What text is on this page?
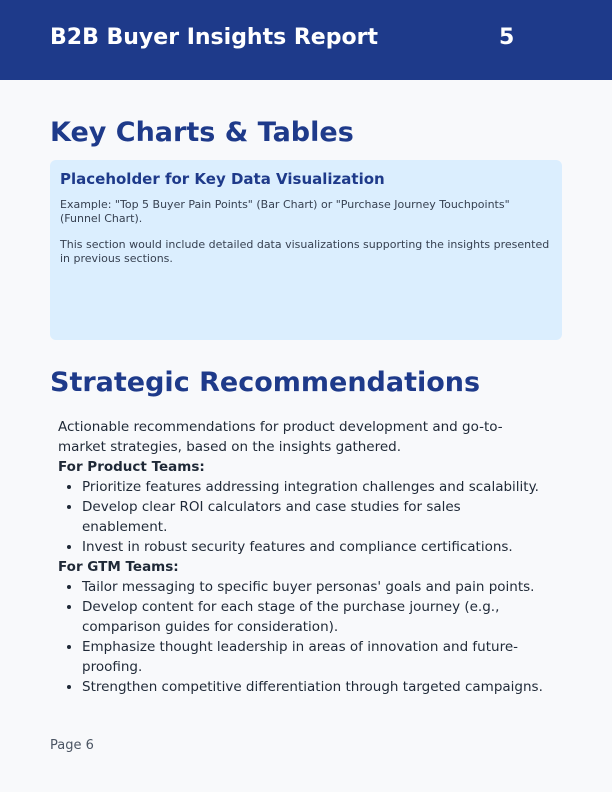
B2B Buyer Insights Report	5
Key Charts & Tables

Placeholder for Key Data Visualization

Example: "Top 5 Buyer Pain Points" (Bar Chart) or "Purchase Journey Touchpoints" (Funnel Chart).

This section would include detailed data visualizations supporting the insights presented in previous sections.

Strategic Recommendations

Actionable recommendations for product development and go-to-market strategies, based on the insights gathered.

For Product Teams:

• Prioritize features addressing integration challenges and scalability.
• Develop clear ROI calculators and case studies for sales enablement.
• Invest in robust security features and compliance certifications.

For GTM Teams:

• Tailor messaging to specific buyer personas' goals and pain points.
• Develop content for each stage of the purchase journey (e.g., comparison guides for consideration).
• Emphasize thought leadership in areas of innovation and future-proofing.
• Strengthen competitive differentiation through targeted campaigns.
Page 6
